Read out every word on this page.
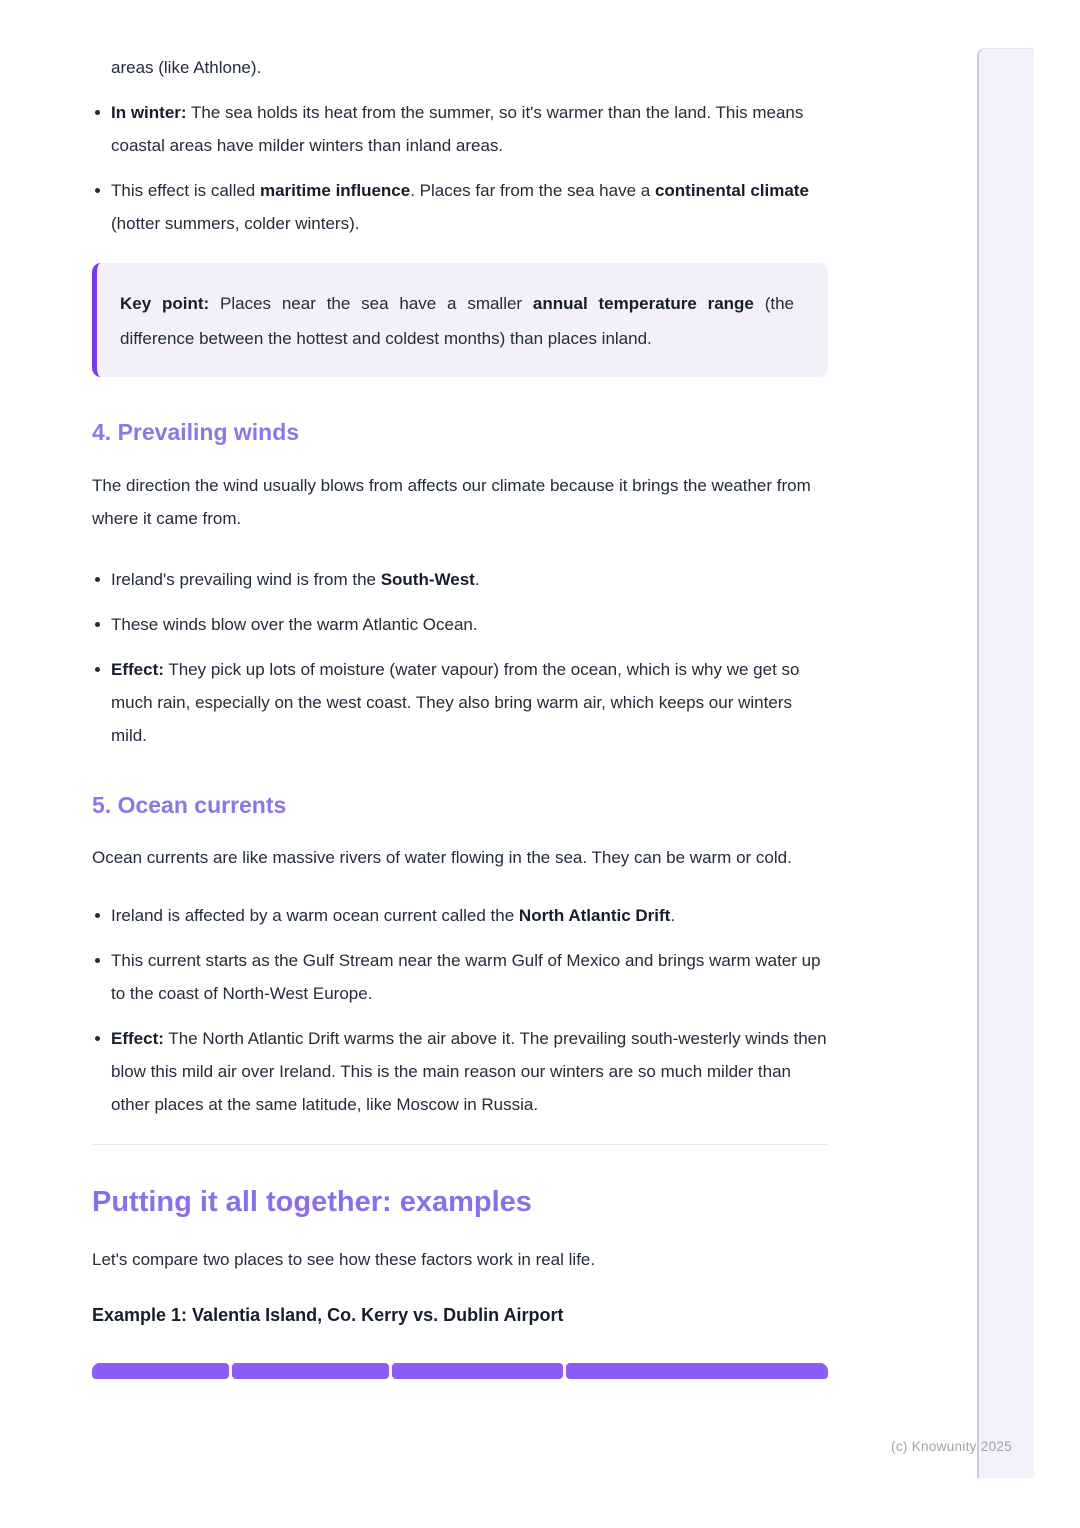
(c) Knowunity 2025
areas (like Athlone).
In winter: The sea holds its heat from the summer, so it's warmer than the land. This means coastal areas have milder winters than inland areas.
This effect is called maritime influence. Places far from the sea have a continental climate (hotter summers, colder winters).

Key point: Places near the sea have a smaller annual temperature range (the difference between the hottest and coldest months) than places inland.

4. Prevailing winds

The direction the wind usually blows from affects our climate because it brings the weather from where it came from.

Ireland's prevailing wind is from the South-West.
These winds blow over the warm Atlantic Ocean.
Effect: They pick up lots of moisture (water vapour) from the ocean, which is why we get so much rain, especially on the west coast. They also bring warm air, which keeps our winters mild.
5. Ocean currents

Ocean currents are like massive rivers of water flowing in the sea. They can be warm or cold.

Ireland is affected by a warm ocean current called the North Atlantic Drift.
This current starts as the Gulf Stream near the warm Gulf of Mexico and brings warm water up to the coast of North-West Europe.
Effect: The North Atlantic Drift warms the air above it. The prevailing south-westerly winds then blow this mild air over Ireland. This is the main reason our winters are so much milder than other places at the same latitude, like Moscow in Russia.
Putting it all together: examples

Let's compare two places to see how these factors work in real life.

Example 1: Valentia Island, Co. Kerry vs. Dublin Airport
